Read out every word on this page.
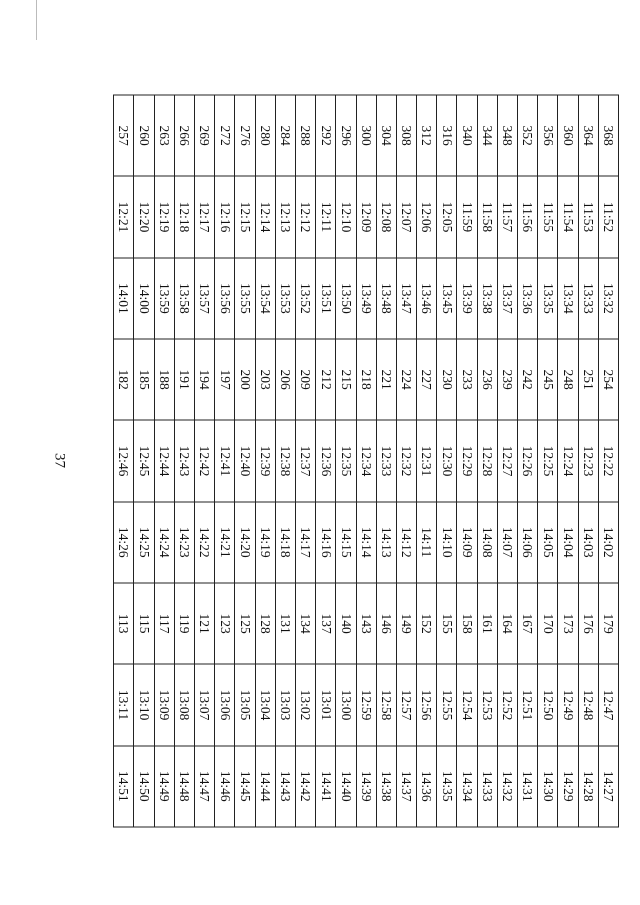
37
368	11:52	13:32	254	12:22	14:02	179	12:47	14:27
364	11:53	13:33	251	12:23	14:03	176	12:48	14:28
360	11:54	13:34	248	12:24	14:04	173	12:49	14:29
356	11:55	13:35	245	12:25	14:05	170	12:50	14:30
352	11:56	13:36	242	12:26	14:06	167	12:51	14:31
348	11:57	13:37	239	12:27	14:07	164	12:52	14:32
344	11:58	13:38	236	12:28	14:08	161	12:53	14:33
340	11:59	13:39	233	12:29	14:09	158	12:54	14:34
316	12:05	13:45	230	12:30	14:10	155	12:55	14:35
312	12:06	13:46	227	12:31	14:11	152	12:56	14:36
308	12:07	13:47	224	12:32	14:12	149	12:57	14:37
304	12:08	13:48	221	12:33	14:13	146	12:58	14:38
300	12:09	13:49	218	12:34	14:14	143	12:59	14:39
296	12:10	13:50	215	12:35	14:15	140	13:00	14:40
292	12:11	13:51	212	12:36	14:16	137	13:01	14:41
288	12:12	13:52	209	12:37	14:17	134	13:02	14:42
284	12:13	13:53	206	12:38	14:18	131	13:03	14:43
280	12:14	13:54	203	12:39	14:19	128	13:04	14:44
276	12:15	13:55	200	12:40	14:20	125	13:05	14:45
272	12:16	13:56	197	12:41	14:21	123	13:06	14:46
269	12:17	13:57	194	12:42	14:22	121	13:07	14:47
266	12:18	13:58	191	12:43	14:23	119	13:08	14:48
263	12:19	13:59	188	12:44	14:24	117	13:09	14:49
260	12:20	14:00	185	12:45	14:25	115	13:10	14:50
257	12:21	14:01	182	12:46	14:26	113	13:11	14:51
